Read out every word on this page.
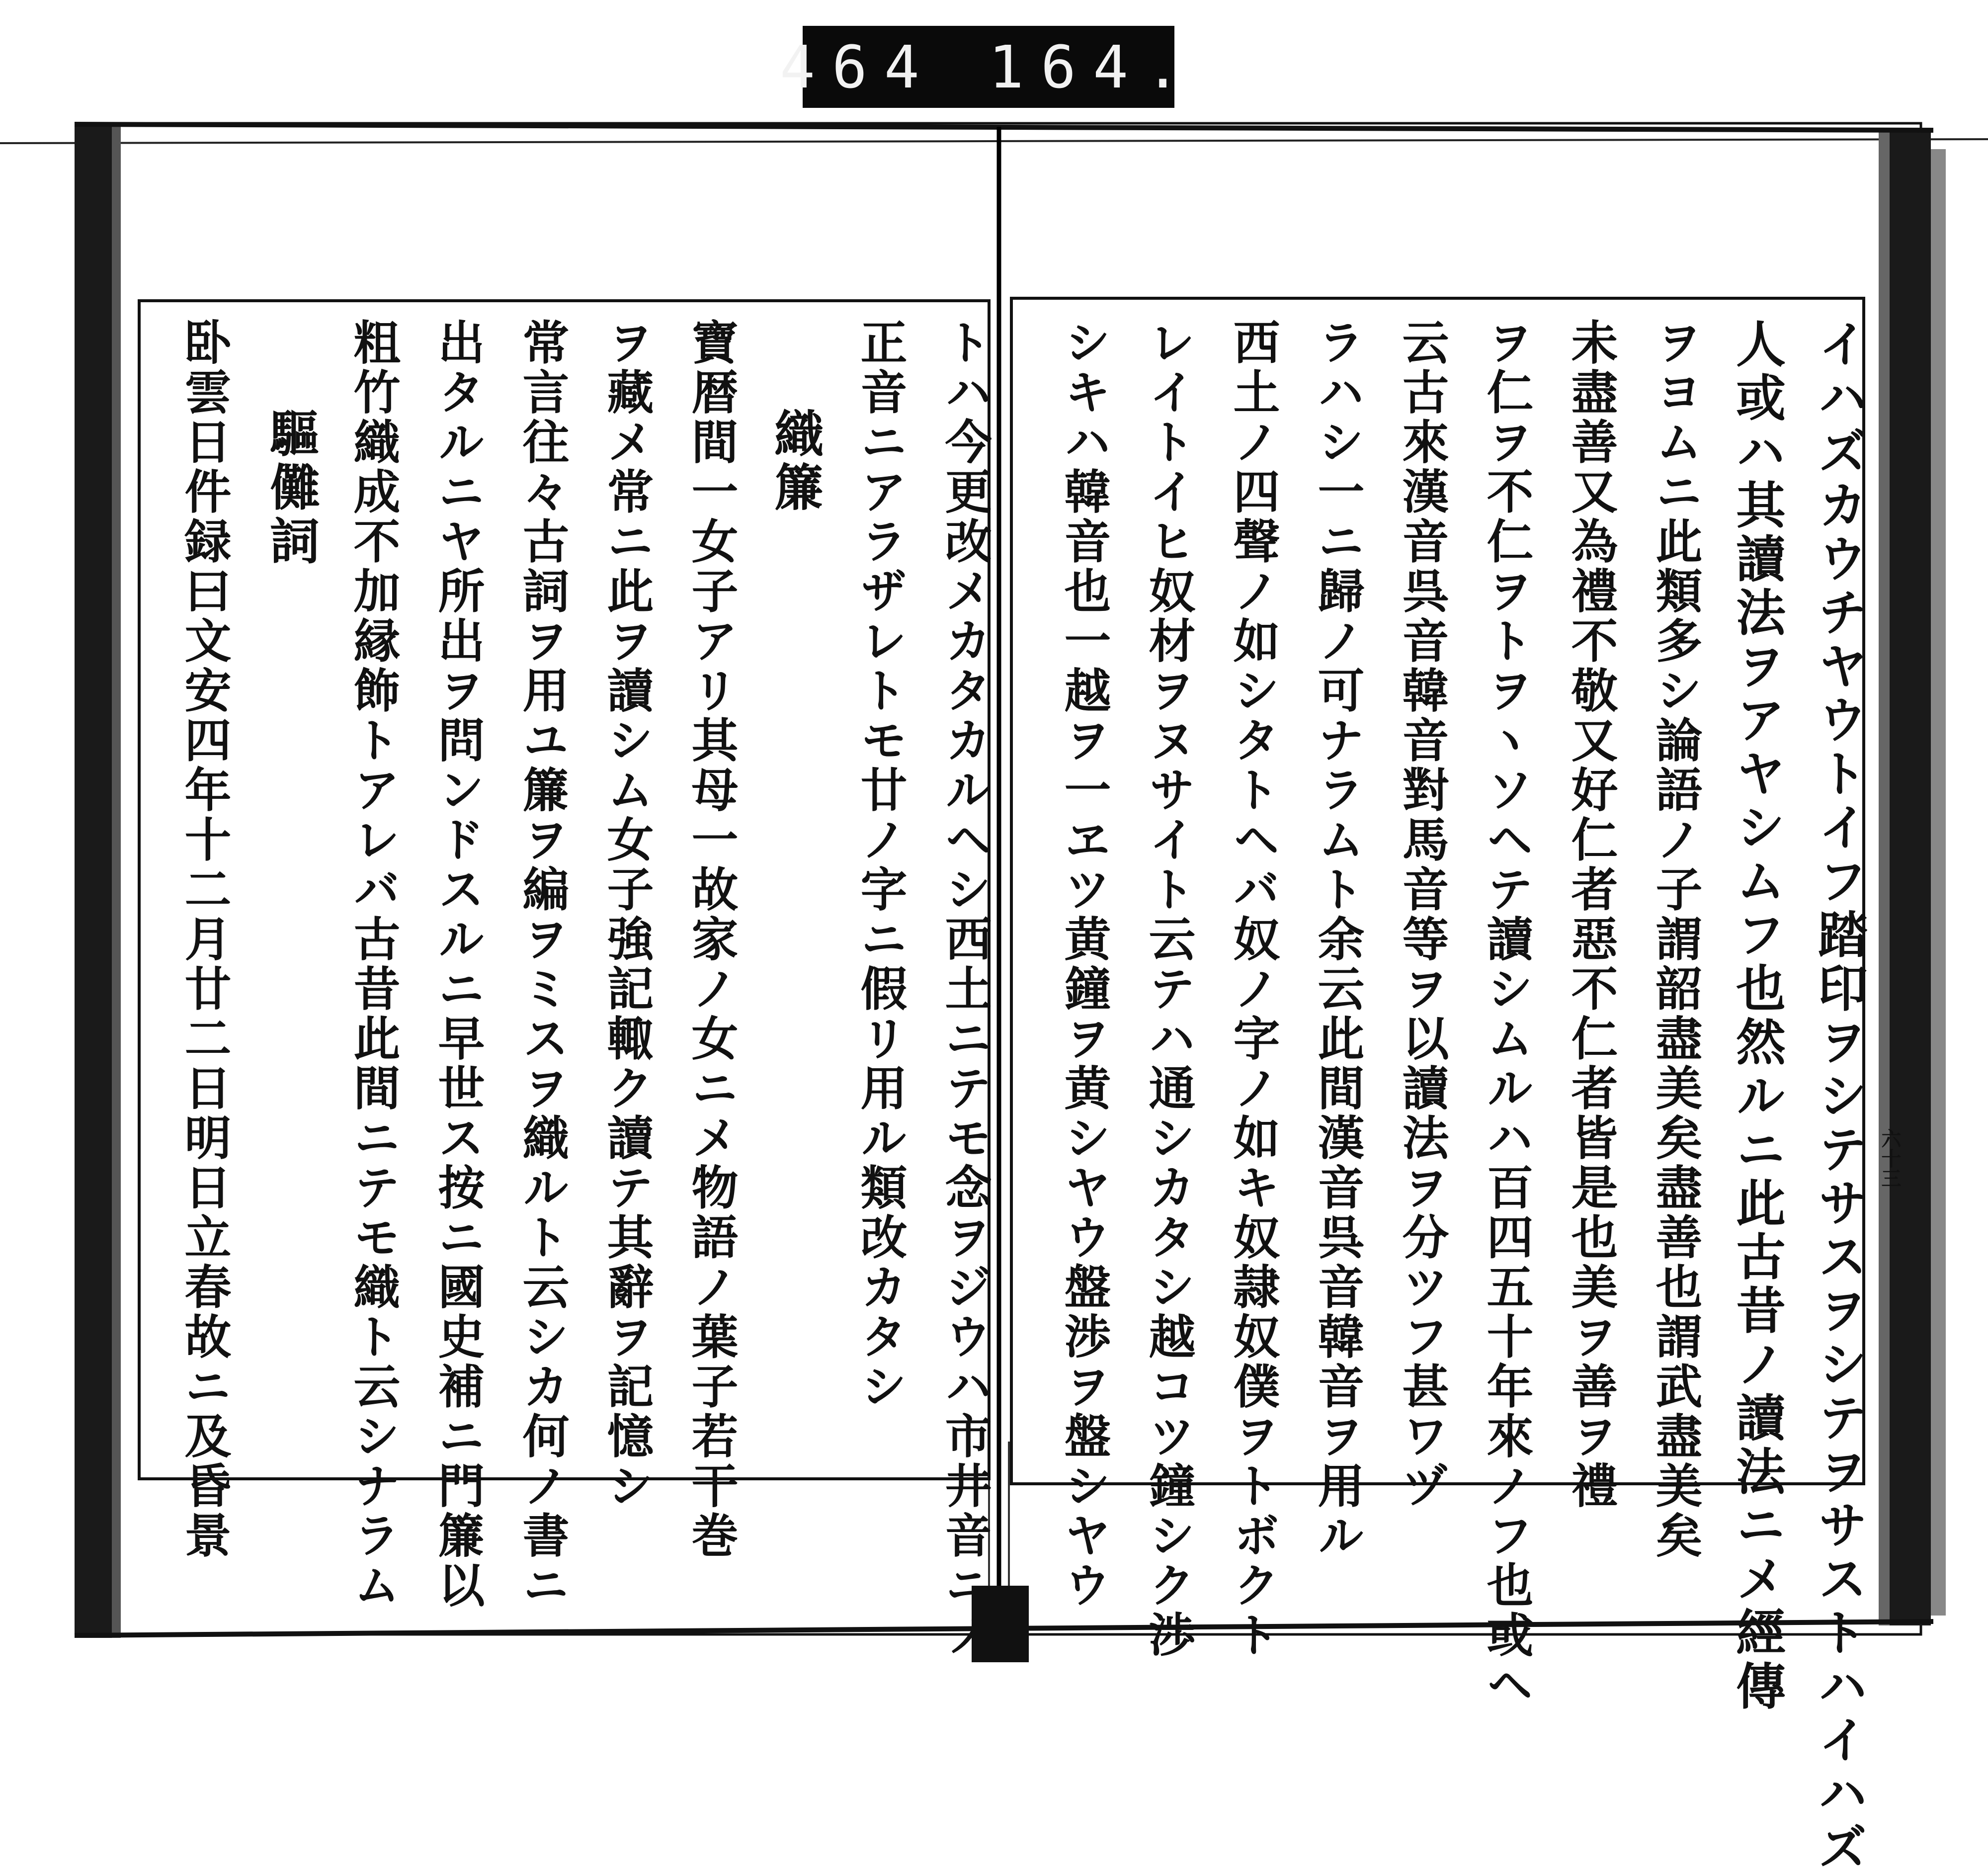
464 164.
イハズカウチヤウトイフ踏印ヲシテサスヲシテヲサストハイハズ
人或ハ其讀法ヲアヤシムフ也然ルニ此古昔ノ讀法ニメ經傳
ヲヨムニ此類多シ論語ノ子謂韶盡美矣盡善也謂武盡美矣
未盡善又為禮不敬又好仁者惡不仁者皆是也美ヲ善ヲ禮
ヲ仁ヲ不仁ヲトヲヽソヘテ讀シムルハ百四五十年來ノフ也或ヘ
云古來漢音呉音韓音對馬音等ヲ以讀法ヲ分ツフ甚ワヅ
ラハシ一ニ歸ノ可ナラムト余云此間漢音呉音韓音ヲ用ル
西土ノ四聲ノ如シタトヘバ奴ノ字ノ如キ奴隷奴僕ヲトボクト
レイトイヒ奴材ヲヌサイト云テハ通シカタシ越コツ鐘シク渉
シキハ韓音也一越ヲ一ヱツ黄鐘ヲ黄シヤウ盤渉ヲ盤シヤウ
トハ今更改メカタカルヘシ西土ニテモ念ヲジウハ市井音ニノ
正音ニアラザレトモ廿ノ字ニ假リ用ル類改カタシ
織簾
寶暦間一女子アリ其母一故家ノ女ニメ物語ノ葉子若干巻
ヲ藏メ常ニ此ヲ讀シム女子強記輙ク讀テ其辭ヲ記憶シ
常言往々古詞ヲ用ユ簾ヲ編ヲミスヲ織ルト云シカ何ノ書ニ
出タルニヤ所出ヲ問ンドスルニ早世ス按ニ國史補ニ門簾以
粗竹織成不加縁飾トアレバ古昔此間ニテモ織ト云シナラム
驅儺詞
卧雲日件録曰文安四年十二月廿二日明日立春故ニ及昏景	六十三
